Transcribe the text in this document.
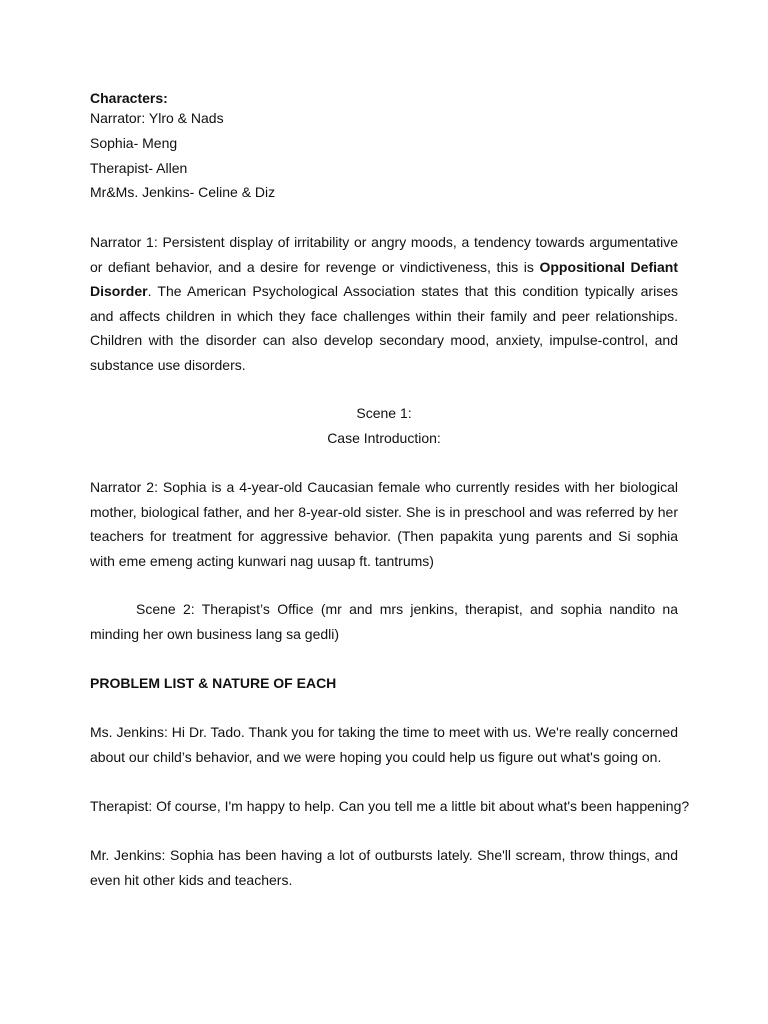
Characters:
Narrator: Ylro & Nads
Sophia- Meng
Therapist- Allen
Mr&Ms. Jenkins- Celine & Diz

Narrator 1: Persistent display of irritability or angry moods, a tendency towards argumentative or defiant behavior, and a desire for revenge or vindictiveness, this is Oppositional Defiant Disorder. The American Psychological Association states that this condition typically arises and affects children in which they face challenges within their family and peer relationships. Children with the disorder can also develop secondary mood, anxiety, impulse-control, and substance use disorders.

Scene 1:

Case Introduction:

Narrator 2: Sophia is a 4-year-old Caucasian female who currently resides with her biological mother, biological father, and her 8-year-old sister. She is in preschool and was referred by her teachers for treatment for aggressive behavior. (Then papakita yung parents and Si sophia with eme emeng acting kunwari nag uusap ft. tantrums)

Scene 2: Therapist’s Office (mr and mrs jenkins, therapist, and sophia nandito na minding her own business lang sa gedli)

PROBLEM LIST & NATURE OF EACH

Ms. Jenkins: Hi Dr. Tado. Thank you for taking the time to meet with us. We're really concerned about our child’s behavior, and we were hoping you could help us figure out what's going on.

Therapist: Of course, I'm happy to help. Can you tell me a little bit about what's been happening?

Mr. Jenkins: Sophia has been having a lot of outbursts lately. She'll scream, throw things, and even hit other kids and teachers.
